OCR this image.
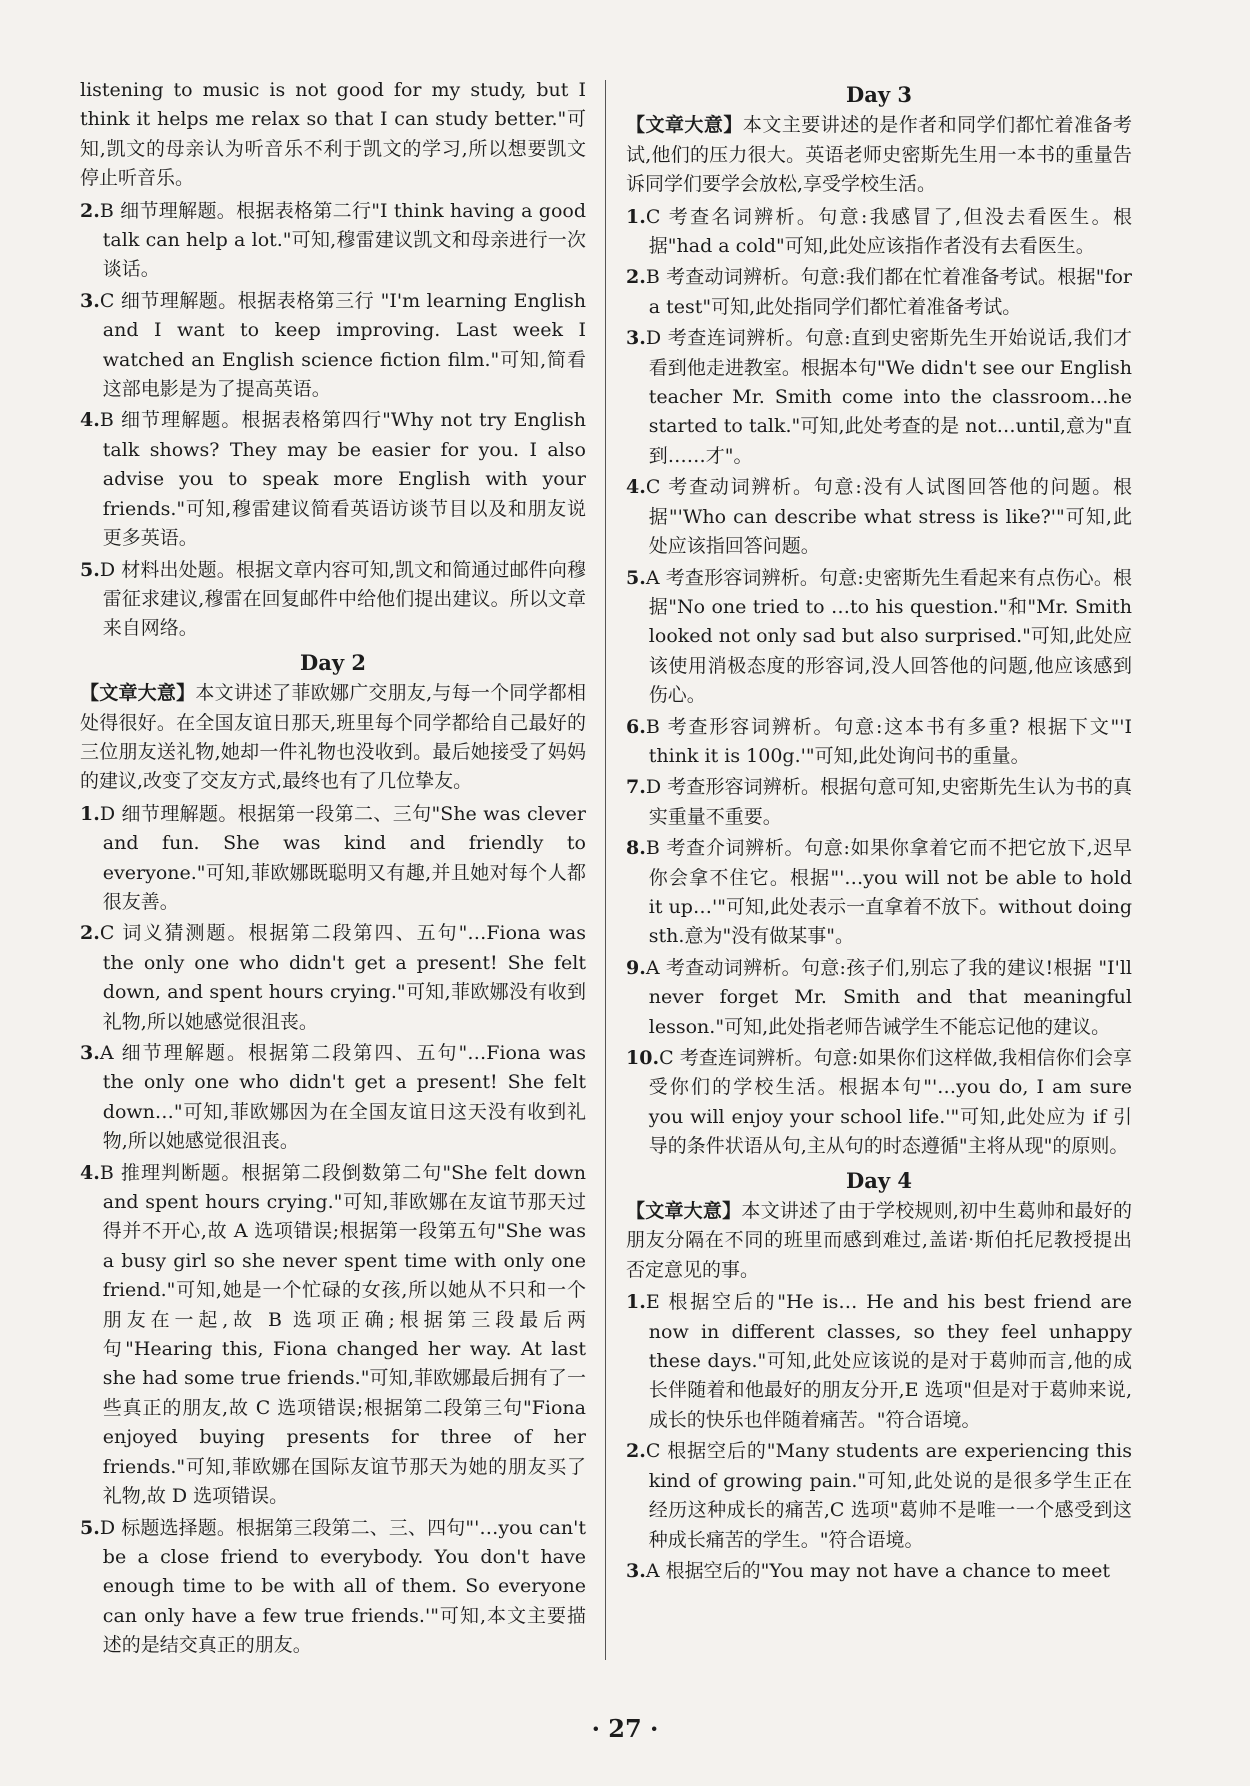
listening to music is not good for my study, but I think it helps me relax so that I can study better."可知,凯文的母亲认为听音乐不利于凯文的学习,所以想要凯文停止听音乐。

2.B 细节理解题。根据表格第二行"I think having a good talk can help a lot."可知,穆雷建议凯文和母亲进行一次谈话。

3.C 细节理解题。根据表格第三行 "I'm learning English and I want to keep improving. Last week I watched an English science fiction film."可知,简看这部电影是为了提高英语。

4.B 细节理解题。根据表格第四行"Why not try English talk shows? They may be easier for you. I also advise you to speak more English with your friends."可知,穆雷建议简看英语访谈节目以及和朋友说更多英语。

5.D 材料出处题。根据文章内容可知,凯文和简通过邮件向穆雷征求建议,穆雷在回复邮件中给他们提出建议。所以文章来自网络。

Day 2

【文章大意】本文讲述了菲欧娜广交朋友,与每一个同学都相处得很好。在全国友谊日那天,班里每个同学都给自己最好的三位朋友送礼物,她却一件礼物也没收到。最后她接受了妈妈的建议,改变了交友方式,最终也有了几位挚友。

1.D 细节理解题。根据第一段第二、三句"She was clever and fun. She was kind and friendly to everyone."可知,菲欧娜既聪明又有趣,并且她对每个人都很友善。

2.C 词义猜测题。根据第二段第四、五句"…Fiona was the only one who didn't get a present! She felt down, and spent hours crying."可知,菲欧娜没有收到礼物,所以她感觉很沮丧。

3.A 细节理解题。根据第二段第四、五句"…Fiona was the only one who didn't get a present! She felt down…"可知,菲欧娜因为在全国友谊日这天没有收到礼物,所以她感觉很沮丧。

4.B 推理判断题。根据第二段倒数第二句"She felt down and spent hours crying."可知,菲欧娜在友谊节那天过得并不开心,故 A 选项错误;根据第一段第五句"She was a busy girl so she never spent time with only one friend."可知,她是一个忙碌的女孩,所以她从不只和一个朋友在一起,故 B 选项正确;根据第三段最后两句"Hearing this, Fiona changed her way. At last she had some true friends."可知,菲欧娜最后拥有了一些真正的朋友,故 C 选项错误;根据第二段第三句"Fiona enjoyed buying presents for three of her friends."可知,菲欧娜在国际友谊节那天为她的朋友买了礼物,故 D 选项错误。

5.D 标题选择题。根据第三段第二、三、四句"'…you can't be a close friend to everybody. You don't have enough time to be with all of them. So everyone can only have a few true friends.'"可知,本文主要描述的是结交真正的朋友。

Day 3

【文章大意】本文主要讲述的是作者和同学们都忙着准备考试,他们的压力很大。英语老师史密斯先生用一本书的重量告诉同学们要学会放松,享受学校生活。

1.C 考查名词辨析。句意:我感冒了,但没去看医生。根据"had a cold"可知,此处应该指作者没有去看医生。

2.B 考查动词辨析。句意:我们都在忙着准备考试。根据"for a test"可知,此处指同学们都忙着准备考试。

3.D 考查连词辨析。句意:直到史密斯先生开始说话,我们才看到他走进教室。根据本句"We didn't see our English teacher Mr. Smith come into the classroom…he started to talk."可知,此处考查的是 not…until,意为"直到……才"。

4.C 考查动词辨析。句意:没有人试图回答他的问题。根据"'Who can describe what stress is like?'"可知,此处应该指回答问题。

5.A 考查形容词辨析。句意:史密斯先生看起来有点伤心。根据"No one tried to …to his question."和"Mr. Smith looked not only sad but also surprised."可知,此处应该使用消极态度的形容词,没人回答他的问题,他应该感到伤心。

6.B 考查形容词辨析。句意:这本书有多重? 根据下文"'I think it is 100g.'"可知,此处询问书的重量。

7.D 考查形容词辨析。根据句意可知,史密斯先生认为书的真实重量不重要。

8.B 考查介词辨析。句意:如果你拿着它而不把它放下,迟早你会拿不住它。根据"'…you will not be able to hold it up…'"可知,此处表示一直拿着不放下。without doing sth.意为"没有做某事"。

9.A 考查动词辨析。句意:孩子们,别忘了我的建议!根据 "I'll never forget Mr. Smith and that meaningful lesson."可知,此处指老师告诫学生不能忘记他的建议。

10.C 考查连词辨析。句意:如果你们这样做,我相信你们会享受你们的学校生活。根据本句"'…you do, I am sure you will enjoy your school life.'"可知,此处应为 if 引导的条件状语从句,主从句的时态遵循"主将从现"的原则。

Day 4

【文章大意】本文讲述了由于学校规则,初中生葛帅和最好的朋友分隔在不同的班里而感到难过,盖诺·斯伯托尼教授提出否定意见的事。

1.E 根据空后的"He is… He and his best friend are now in different classes, so they feel unhappy these days."可知,此处应该说的是对于葛帅而言,他的成长伴随着和他最好的朋友分开,E 选项"但是对于葛帅来说,成长的快乐也伴随着痛苦。"符合语境。

2.C 根据空后的"Many students are experiencing this kind of growing pain."可知,此处说的是很多学生正在经历这种成长的痛苦,C 选项"葛帅不是唯一一个感受到这种成长痛苦的学生。"符合语境。

3.A 根据空后的"You may not have a chance to meet

· 27 ·
